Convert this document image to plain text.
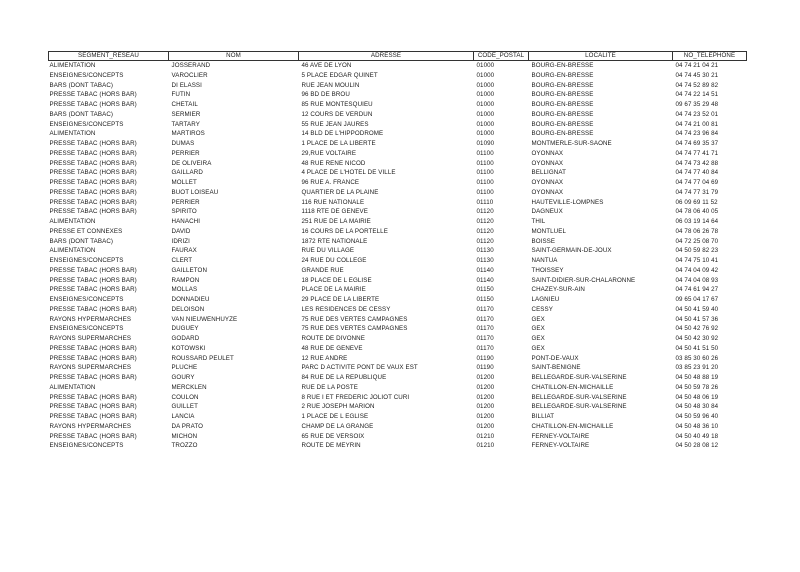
SEGMENT_RESEAU	NOM	ADRESSE	CODE_POSTAL	LOCALITE	NO_TELEPHONE
ALIMENTATION	JOSSERAND	46 AVE DE LYON	01000	BOURG-EN-BRESSE	04 74 21 04 21
ENSEIGNES/CONCEPTS	VAROCLIER	5 PLACE EDGAR QUINET	01000	BOURG-EN-BRESSE	04 74 45 30 21
BARS (DONT TABAC)	DI ELASSI	RUE JEAN MOULIN	01000	BOURG-EN-BRESSE	04 74 52 89 82
PRESSE TABAC (HORS BAR)	FUTIN	96 BD DE BROU	01000	BOURG-EN-BRESSE	04 74 22 14 51
PRESSE TABAC (HORS BAR)	CHETAIL	85 RUE MONTESQUIEU	01000	BOURG-EN-BRESSE	09 67 35 29 48
BARS (DONT TABAC)	SERMIER	12 COURS DE VERDUN	01000	BOURG-EN-BRESSE	04 74 23 52 01
ENSEIGNES/CONCEPTS	TARTARY	55 RUE JEAN JAURES	01000	BOURG-EN-BRESSE	04 74 21 00 81
ALIMENTATION	MARTIROS	14 BLD DE L'HIPPODROME	01000	BOURG-EN-BRESSE	04 74 23 96 84
PRESSE TABAC (HORS BAR)	DUMAS	1 PLACE DE LA LIBERTE	01090	MONTMERLE-SUR-SAONE	04 74 69 35 37
PRESSE TABAC (HORS BAR)	PERRIER	29,RUE VOLTAIRE	01100	OYONNAX	04 74 77 41 71
PRESSE TABAC (HORS BAR)	DE OLIVEIRA	48 RUE RENE NICOD	01100	OYONNAX	04 74 73 42 88
PRESSE TABAC (HORS BAR)	GAILLARD	4 PLACE DE L'HOTEL DE VILLE	01100	BELLIGNAT	04 74 77 40 84
PRESSE TABAC (HORS BAR)	MOLLET	96 RUE A. FRANCE	01100	OYONNAX	04 74 77 04 69
PRESSE TABAC (HORS BAR)	BUOT LOISEAU	QUARTIER DE LA PLAINE	01100	OYONNAX	04 74 77 31 79
PRESSE TABAC (HORS BAR)	PERRIER	116 RUE NATIONALE	01110	HAUTEVILLE-LOMPNES	06 09 69 11 52
PRESSE TABAC (HORS BAR)	SPIRITO	1118 RTE DE GENEVE	01120	DAGNEUX	04 78 06 40 05
ALIMENTATION	HANACHI	251 RUE DE LA MAIRIE	01120	THIL	06 03 19 14 64
PRESSE ET CONNEXES	DAVID	16 COURS DE LA PORTELLE	01120	MONTLUEL	04 78 06 26 78
BARS (DONT TABAC)	IDRIZI	1872 RTE NATIONALE	01120	BOISSE	04 72 25 08 70
ALIMENTATION	FAURAX	RUE DU VILLAGE	01130	SAINT-GERMAIN-DE-JOUX	04 50 59 82 23
ENSEIGNES/CONCEPTS	CLERT	24 RUE DU COLLEGE	01130	NANTUA	04 74 75 10 41
PRESSE TABAC (HORS BAR)	GAILLETON	GRANDE RUE	01140	THOISSEY	04 74 04 09 42
PRESSE TABAC (HORS BAR)	RAMPON	18 PLACE DE L EGLISE	01140	SAINT-DIDIER-SUR-CHALARONNE	04 74 04 08 93
PRESSE TABAC (HORS BAR)	MOLLAS	PLACE DE LA MAIRIE	01150	CHAZEY-SUR-AIN	04 74 61 94 27
ENSEIGNES/CONCEPTS	DONNADIEU	29 PLACE DE LA LIBERTE	01150	LAGNIEU	09 65 04 17 67
PRESSE TABAC (HORS BAR)	DELOISON	LES RESIDENCES DE CESSY	01170	CESSY	04 50 41 59 40
RAYONS HYPERMARCHES	VAN NIEUWENHUYZE	75 RUE DES VERTES CAMPAGNES	01170	GEX	04 50 41 57 36
ENSEIGNES/CONCEPTS	DUGUEY	75 RUE DES VERTES CAMPAGNES	01170	GEX	04 50 42 76 92
RAYONS SUPERMARCHES	GODARD	ROUTE DE DIVONNE	01170	GEX	04 50 42 30 92
PRESSE TABAC (HORS BAR)	KOTOWSKI	48 RUE DE GENEVE	01170	GEX	04 50 41 51 50
PRESSE TABAC (HORS BAR)	ROUSSARD PEULET	12 RUE ANDRE	01190	PONT-DE-VAUX	03 85 30 60 26
RAYONS SUPERMARCHES	PLUCHE	PARC D ACTIVITE PONT DE VAUX EST	01190	SAINT-BENIGNE	03 85 23 91 20
PRESSE TABAC (HORS BAR)	GOURY	84 RUE DE LA REPUBLIQUE	01200	BELLEGARDE-SUR-VALSERINE	04 50 48 88 19
ALIMENTATION	MERCKLEN	RUE DE LA POSTE	01200	CHATILLON-EN-MICHAILLE	04 50 59 78 26
PRESSE TABAC (HORS BAR)	COULON	8 RUE I ET FREDERIC JOLIOT CURI	01200	BELLEGARDE-SUR-VALSERINE	04 50 48 06 19
PRESSE TABAC (HORS BAR)	GUILLET	2 RUE JOSEPH MARION	01200	BELLEGARDE-SUR-VALSERINE	04 50 48 30 84
PRESSE TABAC (HORS BAR)	LANCIA	1 PLACE DE L EGLISE	01200	BILLIAT	04 50 59 96 40
RAYONS HYPERMARCHES	DA PRATO	CHAMP DE LA GRANGE	01200	CHATILLON-EN-MICHAILLE	04 50 48 36 10
PRESSE TABAC (HORS BAR)	MICHON	65 RUE DE VERSOIX	01210	FERNEY-VOLTAIRE	04 50 40 49 18
ENSEIGNES/CONCEPTS	TROZZO	ROUTE DE MEYRIN	01210	FERNEY-VOLTAIRE	04 50 28 08 12
